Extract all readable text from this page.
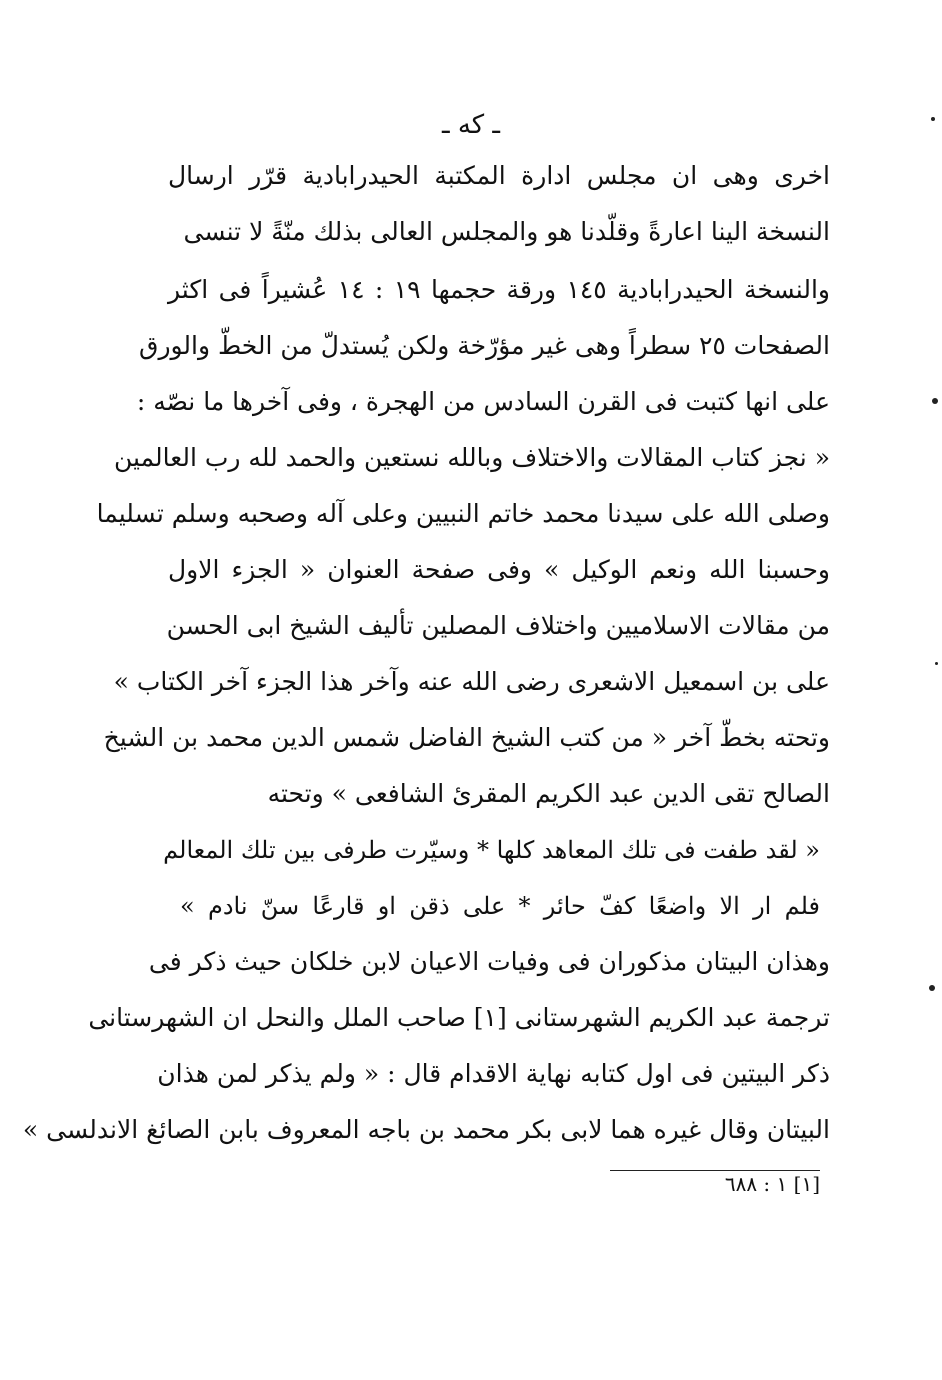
ـ كه ـ
اخرى وهى ان مجلس ادارة المكتبة الحيدرابادية قرّر ارسال
النسخة الينا اعارةً وقلّدنا هو والمجلس العالى بذلك منّةً لا تنسى
والنسخة الحيدرابادية ١٤٥ ورقة حجمها ١٩ : ١٤ عُشيراً فى اكثر
الصفحات ٢٥ سطراً وهى غير مؤرّخة ولكن يُستدلّ من الخطّ والورق
على انها كتبت فى القرن السادس من الهجرة ، وفى آخرها ما نصّه :
« نجز كتاب المقالات والاختلاف وبالله نستعين والحمد لله رب العالمين
وصلى الله على سيدنا محمد خاتم النبيين وعلى آله وصحبه وسلم تسليما
وحسبنا الله ونعم الوكيل » وفى صفحة العنوان « الجزء الاول
من مقالات الاسلاميين واختلاف المصلين تأليف الشيخ ابى الحسن
على بن اسمعيل الاشعرى رضى الله عنه وآخر هذا الجزء آخر الكتاب »
وتحته بخطّ آخر « من كتب الشيخ الفاضل شمس الدين محمد بن الشيخ
الصالح تقى الدين عبد الكريم المقرىٔ الشافعى » وتحته
« لقد طفت فى تلك المعاهد كلها * وسيّرت طرفى بين تلك المعالم
فلم ار الا واضعًا كفّ حائر * على ذقن او قارعًا سنّ نادم »
وهذان البيتان مذكوران فى وفيات الاعيان لابن خلكان حيث ذكر فى
ترجمة عبد الكريم الشهرستانى [١] صاحب الملل والنحل ان الشهرستانى
ذكر البيتين فى اول كتابه نهاية الاقدام قال : « ولم يذكر لمن هذان
البيتان وقال غيره هما لابى بكر محمد بن باجه المعروف بابن الصائغ الاندلسى »
[١] ١ : ٦٨٨
